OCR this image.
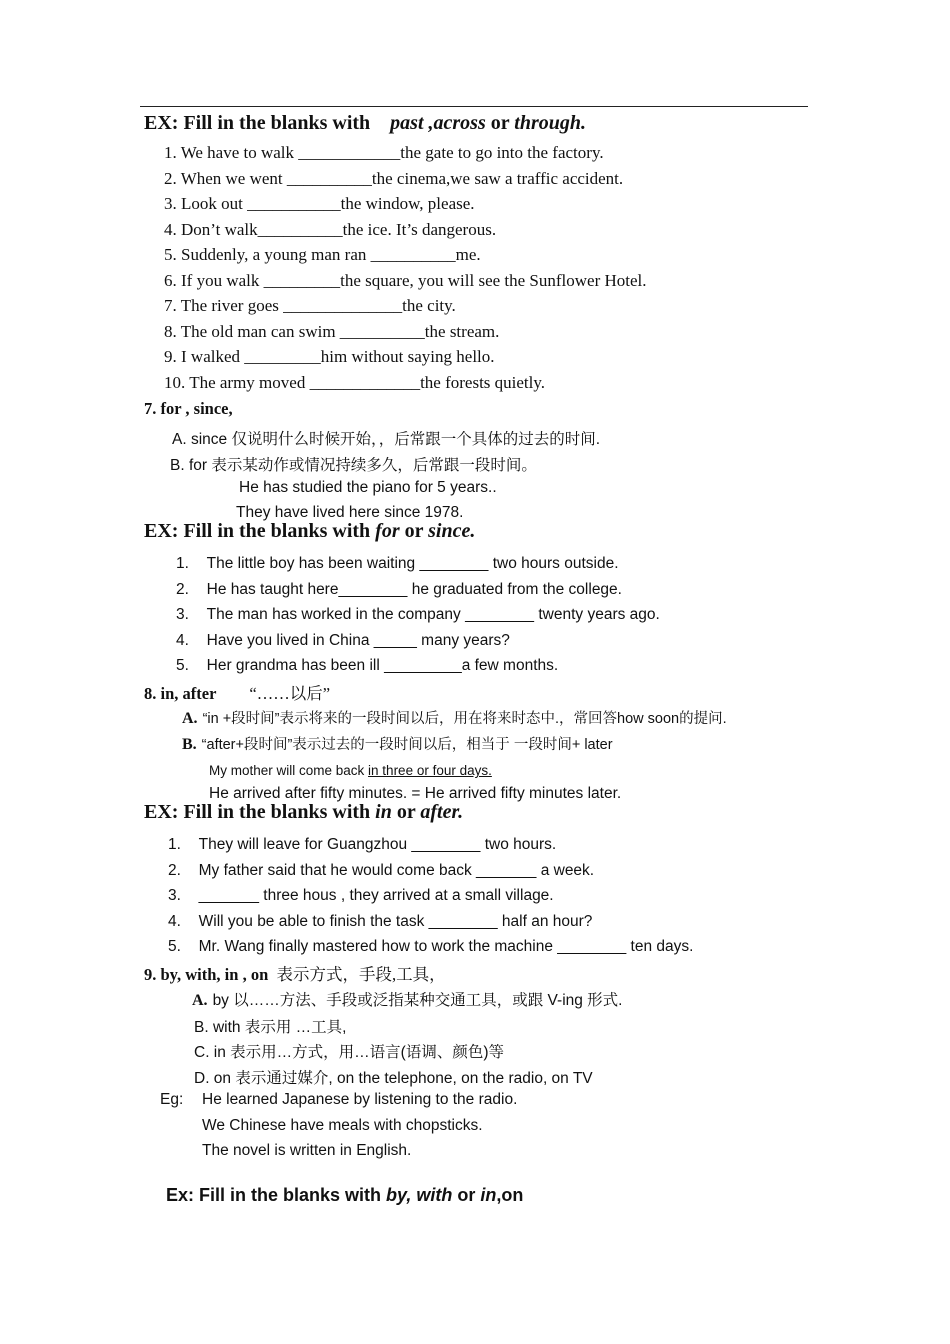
EX: Fill in the blanks with past ,across or through.
1. We have to walk ____________the gate to go into the factory.
2. When we went __________the cinema,we saw a traffic accident.
3. Look out ___________the window, please.
4. Don’t walk__________the ice. It’s dangerous.
5. Suddenly, a young man ran __________me.
6. If you walk _________the square, you will see the Sunflower Hotel.
7. The river goes ______________the city.
8. The old man can swim __________the stream.
9. I walked _________him without saying hello.
10. The army moved _____________the forests quietly.
7. for , since,
A. since 仅说明什么时候开始，，后常跟一个具体的过去的时间.
B. for 表示某动作或情况持续多久，后常跟一段时间。
He has studied the piano for 5 years..
They have lived here since 1978.
EX: Fill in the blanks with for or since.
1. The little boy has been waiting ________ two hours outside.
2. He has taught here________ he graduated from the college.
3. The man has worked in the company ________ twenty years ago.
4. Have you lived in China _____ many years?
5. Her grandma has been ill _________a few months.
8. in, after “……以后”
A. “in +段时间”表示将来的一段时间以后，用在将来时态中.，常回答how soon的提问.
B. “after+段时间”表示过去的一段时间以后，相当于 一段时间+ later
My mother will come back in three or four days.
He arrived after fifty minutes. = He arrived fifty minutes later.
EX: Fill in the blanks with in or after.
1. They will leave for Guangzhou ________ two hours.
2. My father said that he would come back _______ a week.
3. _______ three hous , they arrived at a small village.
4. Will you be able to finish the task ________ half an hour?
5. Mr. Wang finally mastered how to work the machine ________ ten days.
9. by, with, in , on 表示方式，手段,工具，
A. by 以……方法、手段或泛指某种交通工具，或跟 V-ing 形式.
B. with 表示用 …工具,
C. in 表示用…方式，用…语言(语调、颜色)等
D. on 表示通过媒介, on the telephone, on the radio, on TV
Eg: He learned Japanese by listening to the radio.
We Chinese have meals with chopsticks.
The novel is written in English.
Ex: Fill in the blanks with by, with or in,on
